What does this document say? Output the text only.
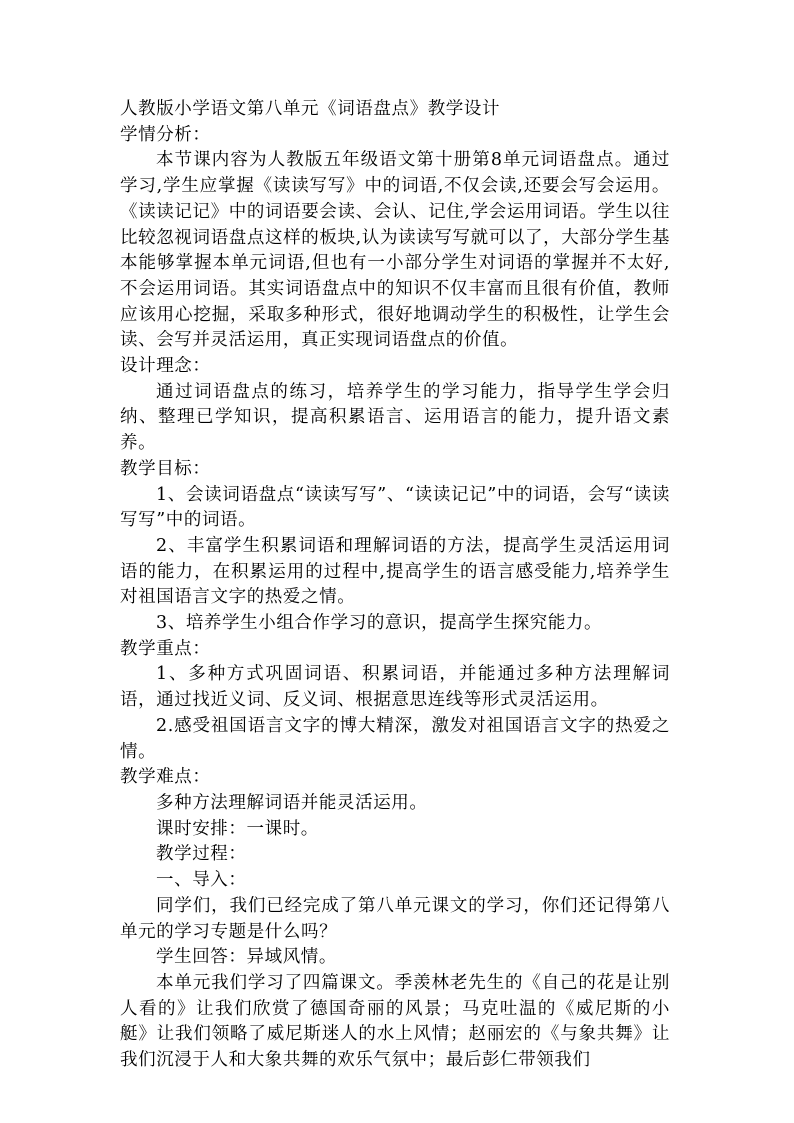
人教版小学语文第八单元《词语盘点》教学设计

学情分析：

本节课内容为人教版五年级语文第十册第8单元词语盘点。通过学习,学生应掌握《读读写写》中的词语,不仅会读,还要会写会运用。《读读记记》中的词语要会读、会认、记住,学会运用词语。学生以往比较忽视词语盘点这样的板块,认为读读写写就可以了，大部分学生基本能够掌握本单元词语,但也有一小部分学生对词语的掌握并不太好,不会运用词语。其实词语盘点中的知识不仅丰富而且很有价值，教师应该用心挖掘，采取多种形式，很好地调动学生的积极性，让学生会读、会写并灵活运用，真正实现词语盘点的价值。

设计理念：

通过词语盘点的练习，培养学生的学习能力，指导学生学会归纳、整理已学知识，提高积累语言、运用语言的能力，提升语文素养。

教学目标：

1、会读词语盘点“读读写写”、“读读记记”中的词语，会写“读读写写”中的词语。

2、丰富学生积累词语和理解词语的方法，提高学生灵活运用词语的能力，在积累运用的过程中,提高学生的语言感受能力,培养学生对祖国语言文字的热爱之情。

3、培养学生小组合作学习的意识，提高学生探究能力。

教学重点：

1、多种方式巩固词语、积累词语，并能通过多种方法理解词语，通过找近义词、反义词、根据意思连线等形式灵活运用。

2.感受祖国语言文字的博大精深，激发对祖国语言文字的热爱之情。

教学难点：

多种方法理解词语并能灵活运用。

课时安排：一课时。

教学过程：

一、导入：

同学们，我们已经完成了第八单元课文的学习，你们还记得第八单元的学习专题是什么吗？

学生回答：异域风情。

本单元我们学习了四篇课文。季羡林老先生的《自己的花是让别人看的》让我们欣赏了德国奇丽的风景；马克吐温的《威尼斯的小艇》让我们领略了威尼斯迷人的水上风情；赵丽宏的《与象共舞》让我们沉浸于人和大象共舞的欢乐气氛中；最后彭仁带领我们
